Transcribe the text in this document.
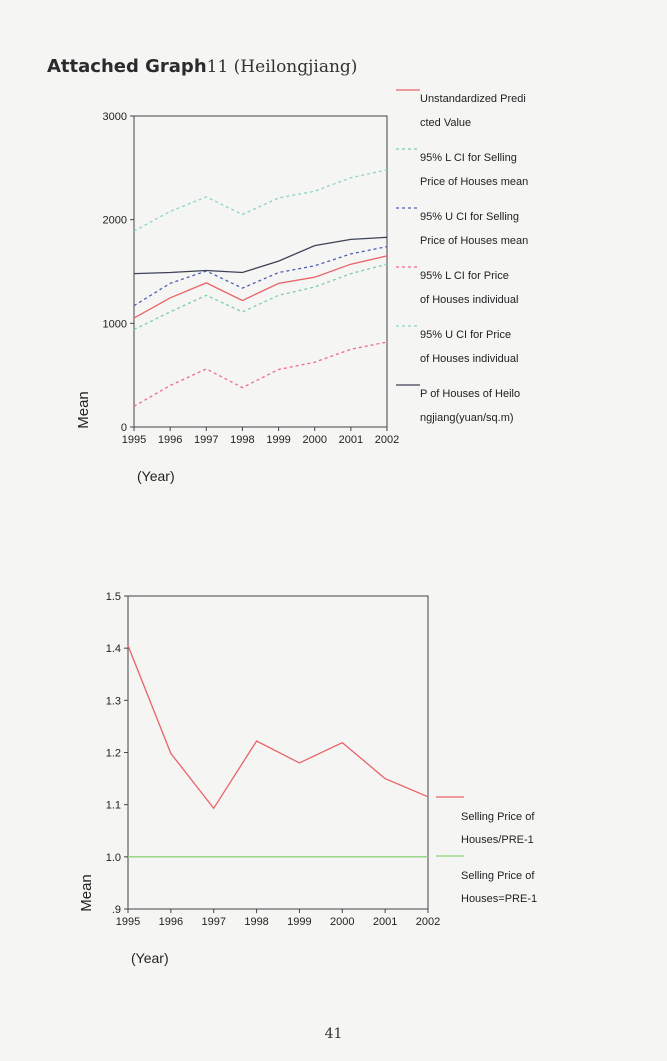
Attached Graph11 (Heilongjiang)
0
1000
2000
3000
1995 1996 1997 1998 1999 2000 2001 2002
Mean
(Year)
Unstandardized Predi
cted Value
95% L CI for Selling
Price of Houses mean
95% U CI for Selling
Price of Houses mean
95% L CI for Price
of Houses individual
95% U CI for Price
of Houses individual
P of Houses of Heilo
ngjiang(yuan/sq.m)
.9
1.0
1.1
1.2
1.3
1.4
1.5
1995 1996 1997 1998 1999 2000 2001 2002
Mean
(Year)
Selling Price of
Houses/PRE-1
Selling Price of
Houses=PRE-1
41
